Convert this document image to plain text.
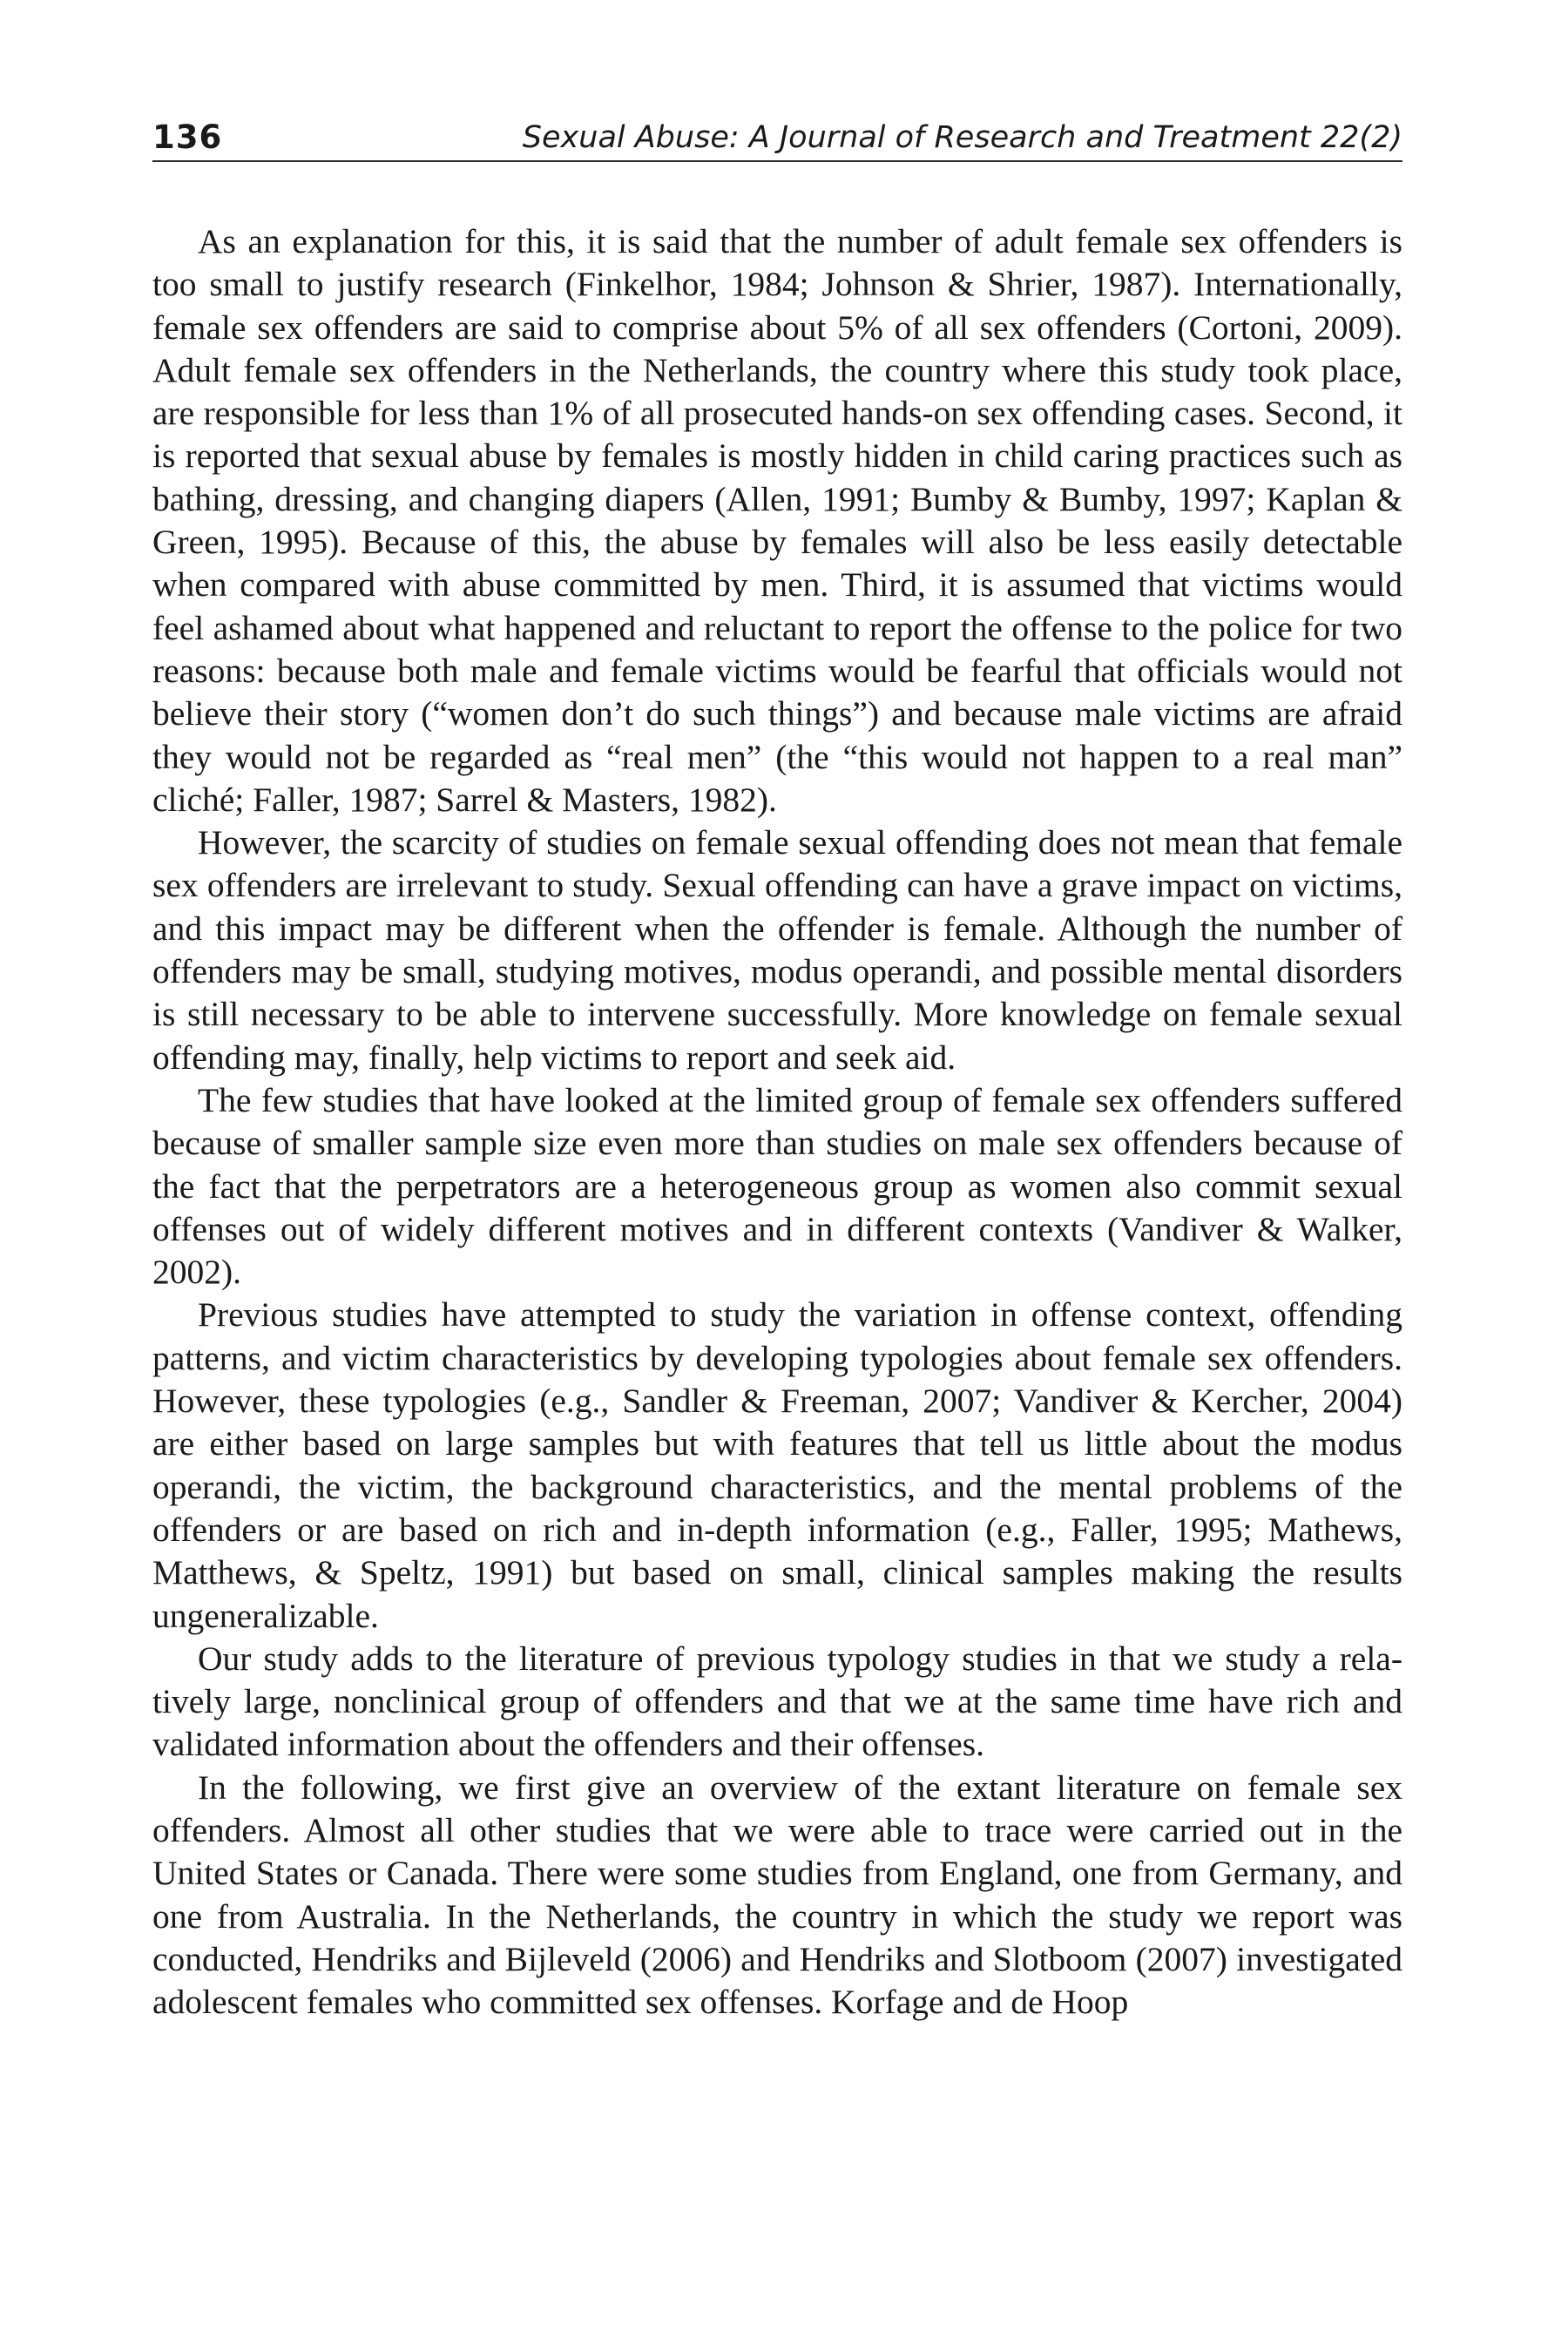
136	Sexual Abuse: A Journal of Research and Treatment 22(2)

As an explanation for this, it is said that the number of adult female sex offenders is too small to justify research (Finkelhor, 1984; Johnson & Shrier, 1987). Internationally, female sex offenders are said to comprise about 5% of all sex offenders (Cortoni, 2009). Adult female sex offenders in the Netherlands, the country where this study took place, are responsible for less than 1% of all prosecuted hands-on sex offending cases. Second, it is reported that sexual abuse by females is mostly hidden in child caring practices such as bathing, dressing, and changing diapers (Allen, 1991; Bumby & Bumby, 1997; Kaplan & Green, 1995). Because of this, the abuse by females will also be less easily detectable when compared with abuse committed by men. Third, it is assumed that victims would feel ashamed about what happened and reluctant to report the offense to the police for two reasons: because both male and female victims would be fearful that officials would not believe their story (“women don’t do such things”) and because male victims are afraid they would not be regarded as “real men” (the “this would not happen to a real man” cliché; Faller, 1987; Sarrel & Masters, 1982).

However, the scarcity of studies on female sexual offending does not mean that female sex offenders are irrelevant to study. Sexual offending can have a grave impact on victims, and this impact may be different when the offender is female. Although the number of offenders may be small, studying motives, modus operandi, and possible mental disorders is still necessary to be able to intervene successfully. More knowledge on female sexual offending may, finally, help victims to report and seek aid.

The few studies that have looked at the limited group of female sex offenders suffered because of smaller sample size even more than studies on male sex offenders because of the fact that the perpetrators are a heterogeneous group as women also commit sexual offenses out of widely different motives and in different contexts (Vandiver & Walker, 2002).

Previous studies have attempted to study the variation in offense context, offending patterns, and victim characteristics by developing typologies about female sex offenders. However, these typologies (e.g., Sandler & Freeman, 2007; Vandiver & Kercher, 2004) are either based on large samples but with features that tell us little about the modus operandi, the victim, the background characteristics, and the mental problems of the offenders or are based on rich and in-depth information (e.g., Faller, 1995; Mathews, Matthews, & Speltz, 1991) but based on small, clinical samples making the results ungeneralizable.

Our study adds to the literature of previous typology studies in that we study a relatively large, nonclinical group of offenders and that we at the same time have rich and validated information about the offenders and their offenses.

In the following, we first give an overview of the extant literature on female sex offenders. Almost all other studies that we were able to trace were carried out in the United States or Canada. There were some studies from England, one from Germany, and one from Australia. In the Netherlands, the country in which the study we report was conducted, Hendriks and Bijleveld (2006) and Hendriks and Slotboom (2007) investigated adolescent females who committed sex offenses. Korfage and de Hoop
